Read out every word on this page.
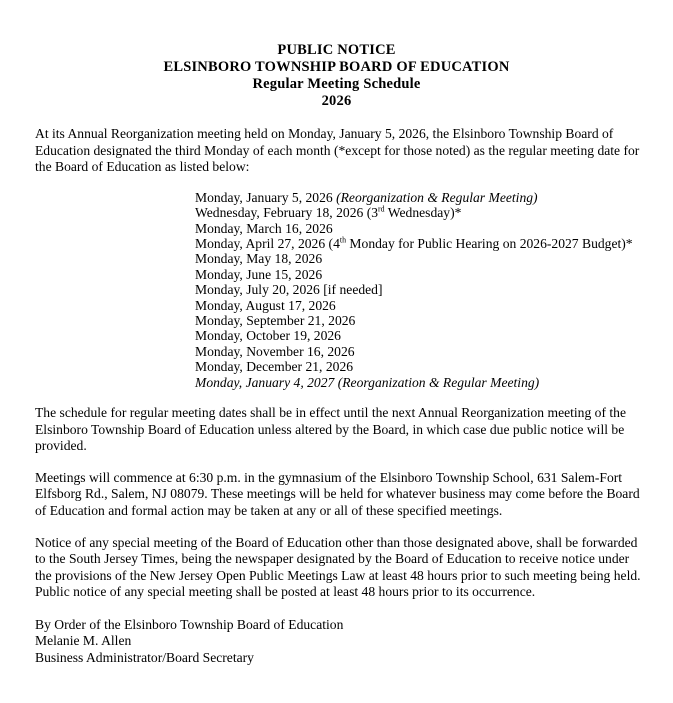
PUBLIC NOTICE
ELSINBORO TOWNSHIP BOARD OF EDUCATION
Regular Meeting Schedule
2026

At its Annual Reorganization meeting held on Monday, January 5, 2026, the Elsinboro Township Board of Education designated the third Monday of each month (*except for those noted) as the regular meeting date for the Board of Education as listed below:

Monday, January 5, 2026 (Reorganization & Regular Meeting)
Wednesday, February 18, 2026 (3rd Wednesday)*
Monday, March 16, 2026
Monday, April 27, 2026 (4th Monday for Public Hearing on 2026-2027 Budget)*
Monday, May 18, 2026
Monday, June 15, 2026
Monday, July 20, 2026 [if needed]
Monday, August 17, 2026
Monday, September 21, 2026
Monday, October 19, 2026
Monday, November 16, 2026
Monday, December 21, 2026
Monday, January 4, 2027 (Reorganization & Regular Meeting)

The schedule for regular meeting dates shall be in effect until the next Annual Reorganization meeting of the Elsinboro Township Board of Education unless altered by the Board, in which case due public notice will be provided.

Meetings will commence at 6:30 p.m. in the gymnasium of the Elsinboro Township School, 631 Salem-Fort Elfsborg Rd., Salem, NJ 08079. These meetings will be held for whatever business may come before the Board of Education and formal action may be taken at any or all of these specified meetings.

Notice of any special meeting of the Board of Education other than those designated above, shall be forwarded to the South Jersey Times, being the newspaper designated by the Board of Education to receive notice under the provisions of the New Jersey Open Public Meetings Law at least 48 hours prior to such meeting being held. Public notice of any special meeting shall be posted at least 48 hours prior to its occurrence.

By Order of the Elsinboro Township Board of Education
Melanie M. Allen
Business Administrator/Board Secretary
